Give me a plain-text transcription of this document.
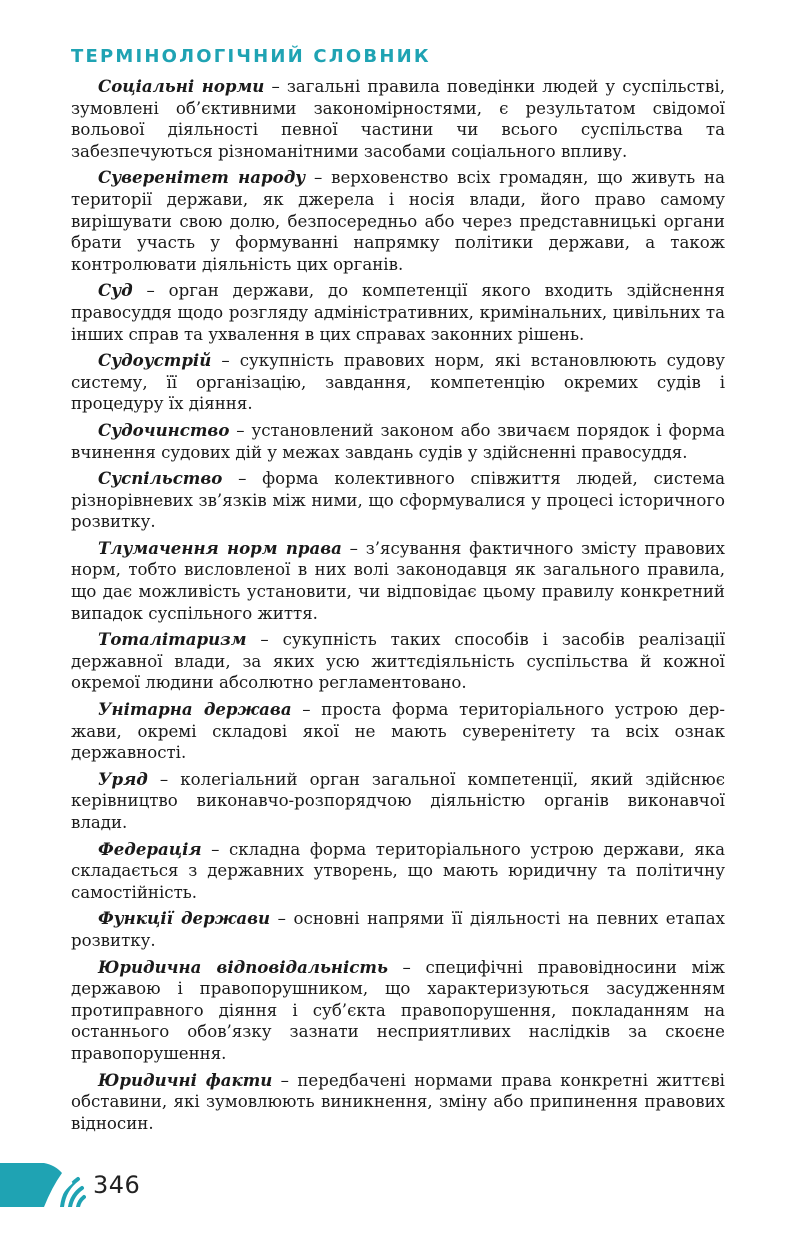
ТЕРМІНОЛОГІЧНИЙ СЛОВНИК

Соціальні норми – загальні правила поведінки людей у суспільстві, зумовлені об’єктивними закономірностями, є результатом свідомої вольової діяльності певної частини чи всього суспільства та забезпечуються різноманітними засобами соціального впливу.

Суверенітет народу – верховенство всіх громадян, що живуть на території держави, як джерела і носія влади, його право самому вирішувати свою долю, безпосередньо або через представницькі органи брати участь у формуванні напрямку політики держави, а також контролювати діяльність цих органів.

Суд – орган держави, до компетенції якого входить здійснення правосуддя щодо розгляду адміністративних, кримінальних, цивільних та інших справ та ухвалення в цих справах законних рішень.

Судоустрій – сукупність правових норм, які встановлюють судову систему, її організацію, завдання, компетенцію окремих судів і процедуру їх діяння.

Судочинство – установлений законом або звичаєм порядок і форма вчинення судових дій у межах завдань судів у здійсненні правосуддя.

Суспільство – форма колективного співжиття людей, система різнорівневих зв’язків між ними, що сформувалися у процесі історичного розвитку.

Тлумачення норм права – з’ясування фактичного змісту правових норм, тобто висловленої в них волі законодавця як загального правила, що дає можливість установити, чи відповідає цьому правилу конкретний випадок суспільного життя.

Тоталітаризм – сукупність таких способів і засобів реалізації державної влади, за яких усю життєдіяльність суспільства й кожної окремої людини абсолютно регламентовано.

Унітарна держава – проста форма територіального устрою держави, окремі складові якої не мають суверенітету та всіх ознак державності.

Уряд – колегіальний орган загальної компетенції, який здійснює керівництво виконавчо-розпорядчою діяльністю органів виконавчої влади.

Федерація – складна форма територіального устрою держави, яка складається з державних утворень, що мають юридичну та політичну самостійність.

Функції держави – основні напрями її діяльності на певних етапах розвитку.

Юридична відповідальність – специфічні правовідносини між державою і правопорушником, що характеризуються засудженням протиправного діяння і суб’єкта правопорушення, покладанням на останнього обов’язку зазнати несприятливих наслідків за скоєне правопорушення.

Юридичні факти – передбачені нормами права конкретні життєві обставини, які зумовлюють виникнення, зміну або припинення правових відносин.

346
